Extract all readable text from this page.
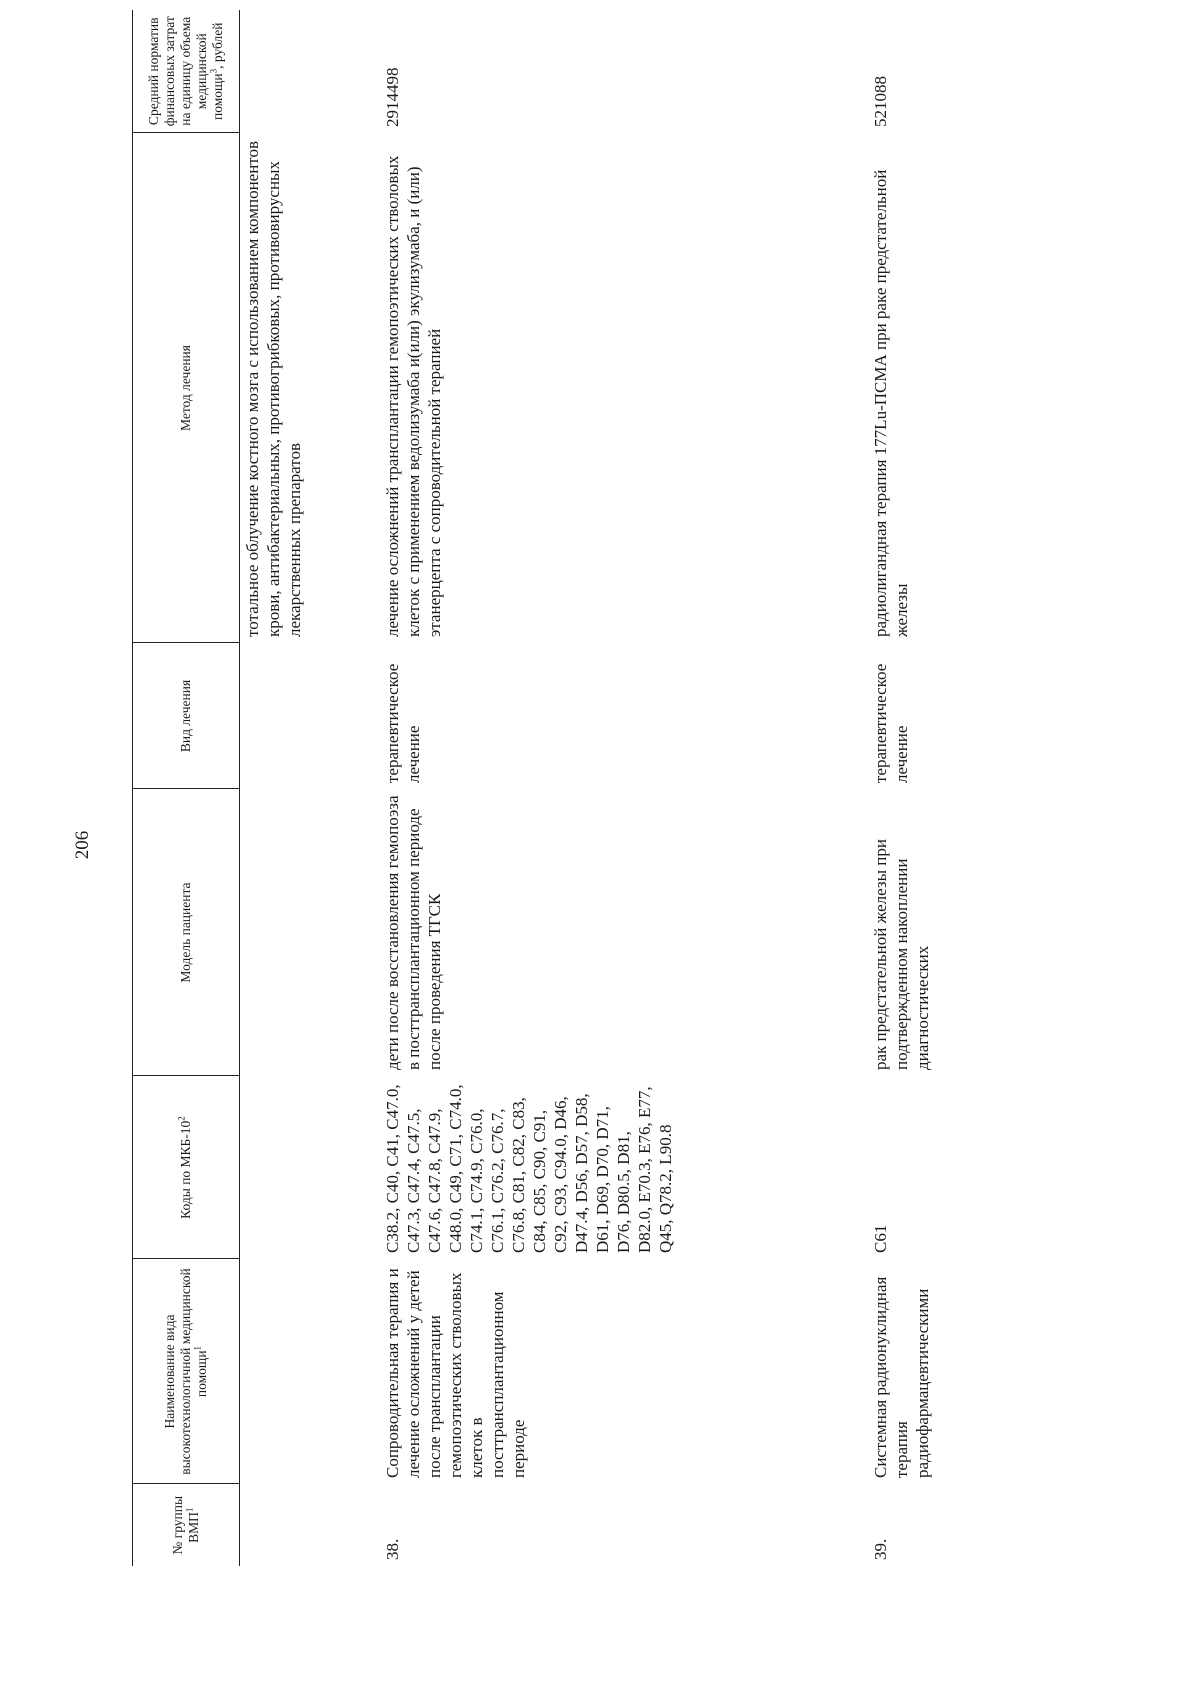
206
№ группы ВМП$^1$	Наименование вида высокотехнологичной медицинской помощи$^1$	Коды по МКБ-$10^2$	Модель пациента	Вид лечения	Метод лечения	Средний норматив финансовых затрат на единицу объема медицинской помощи$^3$, рублей
					тотальное облучение костного мозга с использованием компонентов крови, антибактериальных, противогрибковых, противовирусных лекарственных препаратов	
38.	Сопроводительная терапия и лечение осложнений у детей после трансплантации гемопоэтических стволовых клеток в посттрансплантационном периоде	C38.2, C40, C41, C47.0, C47.3, C47.4, C47.5, C47.6, C47.8, C47.9, C48.0, C49, C71, C74.0, C74.1, C74.9, C76.0, C76.1, C76.2, C76.7, C76.8, C81, C82, C83, C84, C85, C90, C91, C92, C93, C94.0, D46, D47.4, D56, D57, D58, D61, D69, D70, D71, D76, D80.5, D81, D82.0, E70.3, E76, E77, Q45, Q78.2, L90.8	дети после восстановления гемопоэза в посттрансплантационном периоде после проведения ТГСК	терапевтическое лечение	лечение осложнений трансплантации гемопоэтических стволовых клеток с применением ведолизумаба и(или) экулизумаба, и (или) этанерцепта с сопроводительной терапией	2914498
39.	Системная радионуклидная терапия радиофармацевтическими	C61	рак предстательной железы при подтвержденном накоплении диагностических	терапевтическое лечение	радиолигандная терапия 177Lu-ПСМА при раке предстательной железы	521088
